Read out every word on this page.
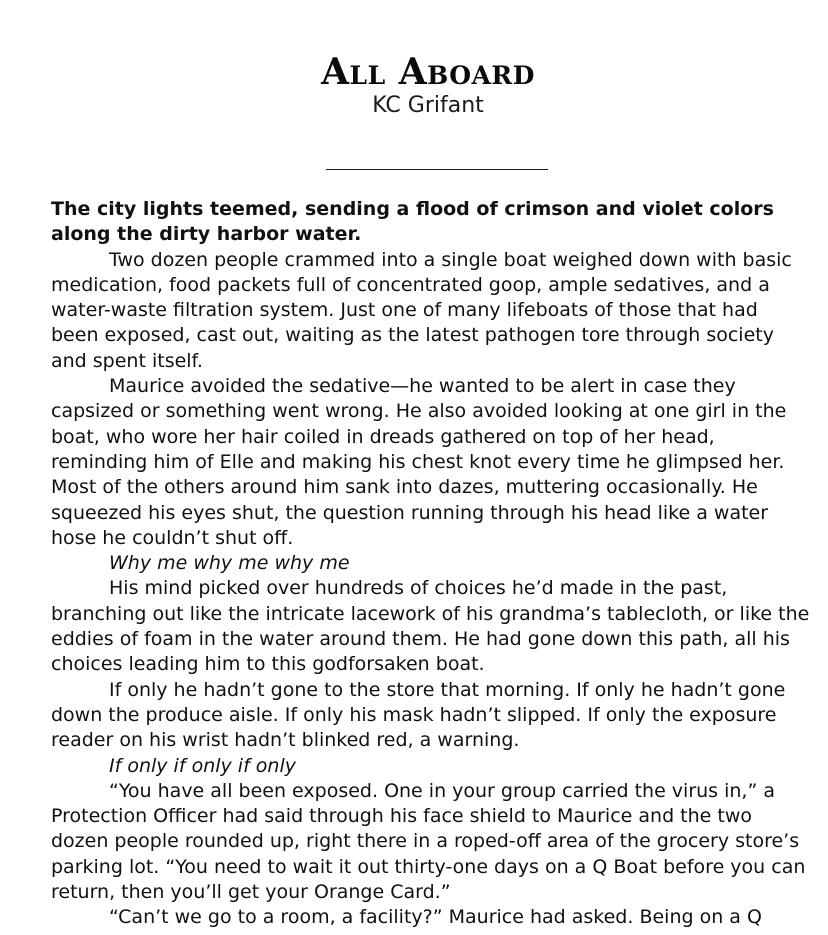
All Aboard
KC Grifant

The city lights teemed, sending a flood of crimson and violet colors along the dirty harbor water.

Two dozen people crammed into a single boat weighed down with basic medication, food packets full of concentrated goop, ample sedatives, and a water-waste filtration system. Just one of many lifeboats of those that had been exposed, cast out, waiting as the latest pathogen tore through society and spent itself.

Maurice avoided the sedative—he wanted to be alert in case they capsized or something went wrong. He also avoided looking at one girl in the boat, who wore her hair coiled in dreads gathered on top of her head, reminding him of Elle and making his chest knot every time he glimpsed her. Most of the others around him sank into dazes, muttering occasionally. He squeezed his eyes shut, the question running through his head like a water hose he couldn’t shut off.

Why me why me why me

His mind picked over hundreds of choices he’d made in the past, branching out like the intricate lacework of his grandma’s tablecloth, or like the eddies of foam in the water around them. He had gone down this path, all his choices leading him to this godforsaken boat.

If only he hadn’t gone to the store that morning. If only he hadn’t gone down the produce aisle. If only his mask hadn’t slipped. If only the exposure reader on his wrist hadn’t blinked red, a warning.

If only if only if only

“You have all been exposed. One in your group carried the virus in,” a Protection Officer had said through his face shield to Maurice and the two dozen people rounded up, right there in a roped-off area of the grocery store’s parking lot. “You need to wait it out thirty-one days on a Q Boat before you can return, then you’ll get your Orange Card.”

“Can’t we go to a room, a facility?” Maurice had asked. Being on a Q
